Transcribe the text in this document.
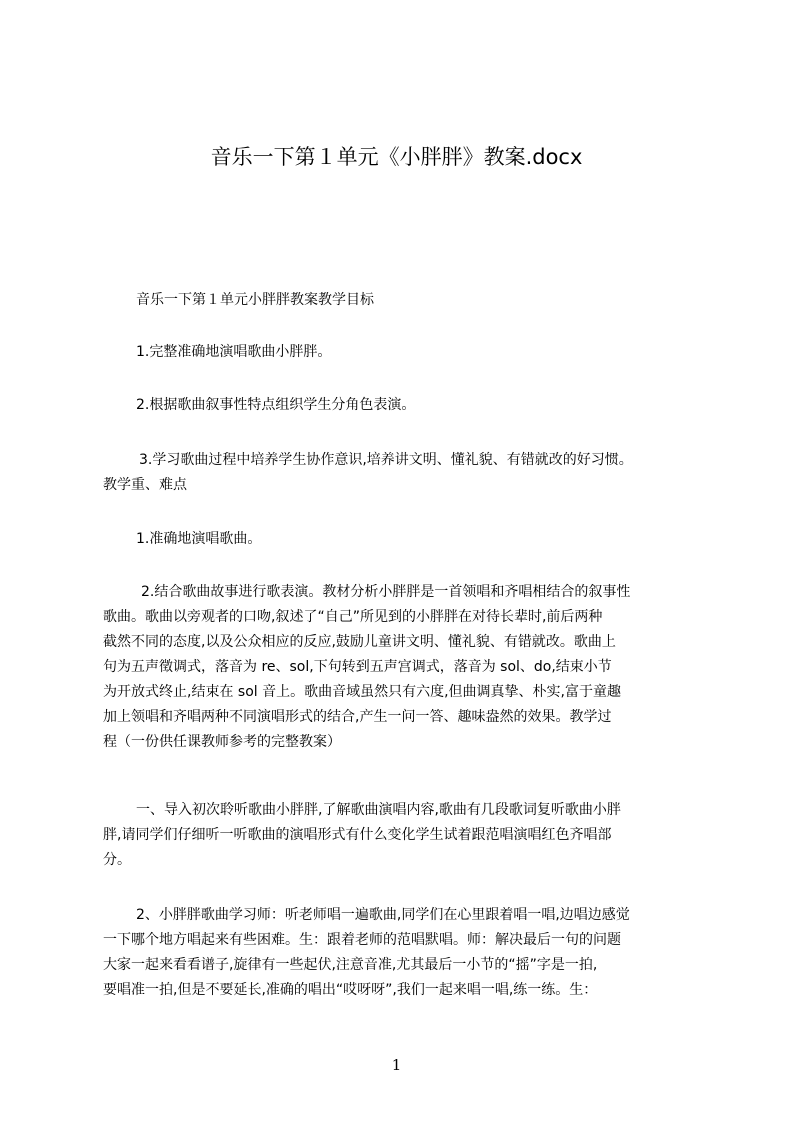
音乐一下第１单元《小胖胖》教案.docx

音乐一下第１单元小胖胖教案教学目标

1.完整准确地演唱歌曲小胖胖。

2.根据歌曲叙事性特点组织学生分角色表演。

3.学习歌曲过程中培养学生协作意识,培养讲文明、懂礼貌、有错就改的好习惯。
教学重、难点

1.准确地演唱歌曲。

2.结合歌曲故事进行歌表演。教材分析小胖胖是一首领唱和齐唱相结合的叙事性
歌曲。歌曲以旁观者的口吻,叙述了“自己”所见到的小胖胖在对待长辈时,前后两种
截然不同的态度,以及公众相应的反应,鼓励儿童讲文明、懂礼貌、有错就改。歌曲上
句为五声徵调式，落音为 re、sol,下句转到五声宫调式，落音为 sol、do,结束小节
为开放式终止,结束在 sol 音上。歌曲音域虽然只有六度,但曲调真挚、朴实,富于童趣
加上领唱和齐唱两种不同演唱形式的结合,产生一问一答、趣味盎然的效果。教学过
程（一份供任课教师参考的完整教案）

一、导入初次聆听歌曲小胖胖,了解歌曲演唱内容,歌曲有几段歌词复听歌曲小胖
胖,请同学们仔细听一听歌曲的演唱形式有什么变化学生试着跟范唱演唱红色齐唱部
分。

2、小胖胖歌曲学习师：听老师唱一遍歌曲,同学们在心里跟着唱一唱,边唱边感觉
一下哪个地方唱起来有些困难。生：跟着老师的范唱默唱。师：解决最后一句的问题
大家一起来看看谱子,旋律有一些起伏,注意音准,尤其最后一小节的“摇”字是一拍,
要唱准一拍,但是不要延长,准确的唱出“哎呀呀”,我们一起来唱一唱,练一练。生：

1
